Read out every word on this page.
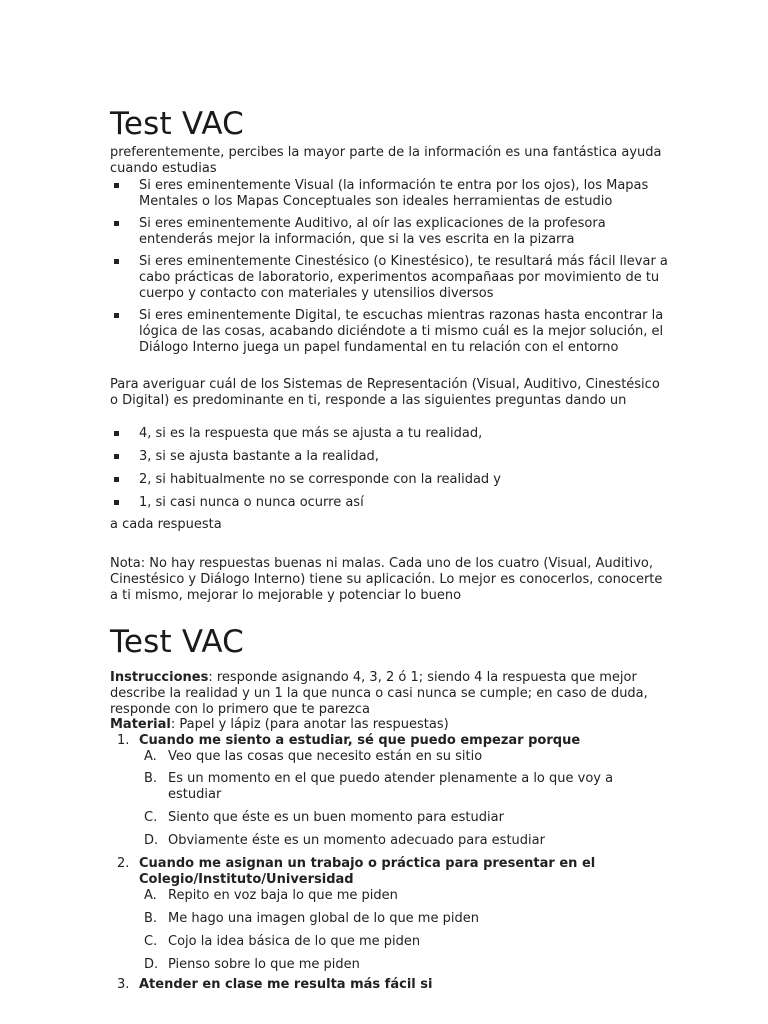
Test VAC

preferentemente, percibes la mayor parte de la información es una fantástica ayuda cuando estudias

Si eres eminentemente Visual (la información te entra por los ojos), los Mapas Mentales o los Mapas Conceptuales son ideales herramientas de estudio
Si eres eminentemente Auditivo, al oír las explicaciones de la profesora entenderás mejor la información, que si la ves escrita en la pizarra
Si eres eminentemente Cinestésico (o Kinestésico), te resultará más fácil llevar a cabo prácticas de laboratorio, experimentos acompañaas por movimiento de tu cuerpo y contacto con materiales y utensilios diversos
Si eres eminentemente Digital, te escuchas mientras razonas hasta encontrar la lógica de las cosas, acabando diciéndote a ti mismo cuál es la mejor solución, el Diálogo Interno juega un papel fundamental en tu relación con el entorno

Para averiguar cuál de los Sistemas de Representación (Visual, Auditivo, Cinestésico o Digital) es predominante en ti, responde a las siguientes preguntas dando un

4, si es la respuesta que más se ajusta a tu realidad,
3, si se ajusta bastante a la realidad,
2, si habitualmente no se corresponde con la realidad y
1, si casi nunca o nunca ocurre así

a cada respuesta

Nota: No hay respuestas buenas ni malas. Cada uno de los cuatro (Visual, Auditivo, Cinestésico y Diálogo Interno) tiene su aplicación. Lo mejor es conocerlos, conocerte a ti mismo, mejorar lo mejorable y potenciar lo bueno

Test VAC

Instrucciones: responde asignando 4, 3, 2 ó 1; siendo 4 la respuesta que mejor describe la realidad y un 1 la que nunca o casi nunca se cumple; en caso de duda, responde con lo primero que te parezca

Material: Papel y lápiz (para anotar las respuestas)

1. Cuando me siento a estudiar, sé que puedo empezar porque
A. Veo que las cosas que necesito están en su sitio
B. Es un momento en el que puedo atender plenamente a lo que voy a estudiar
C. Siento que éste es un buen momento para estudiar
D. Obviamente éste es un momento adecuado para estudiar
2. Cuando me asignan un trabajo o práctica para presentar en el Colegio/Instituto/Universidad
A. Repito en voz baja lo que me piden
B. Me hago una imagen global de lo que me piden
C. Cojo la idea básica de lo que me piden
D. Pienso sobre lo que me piden
3. Atender en clase me resulta más fácil si
